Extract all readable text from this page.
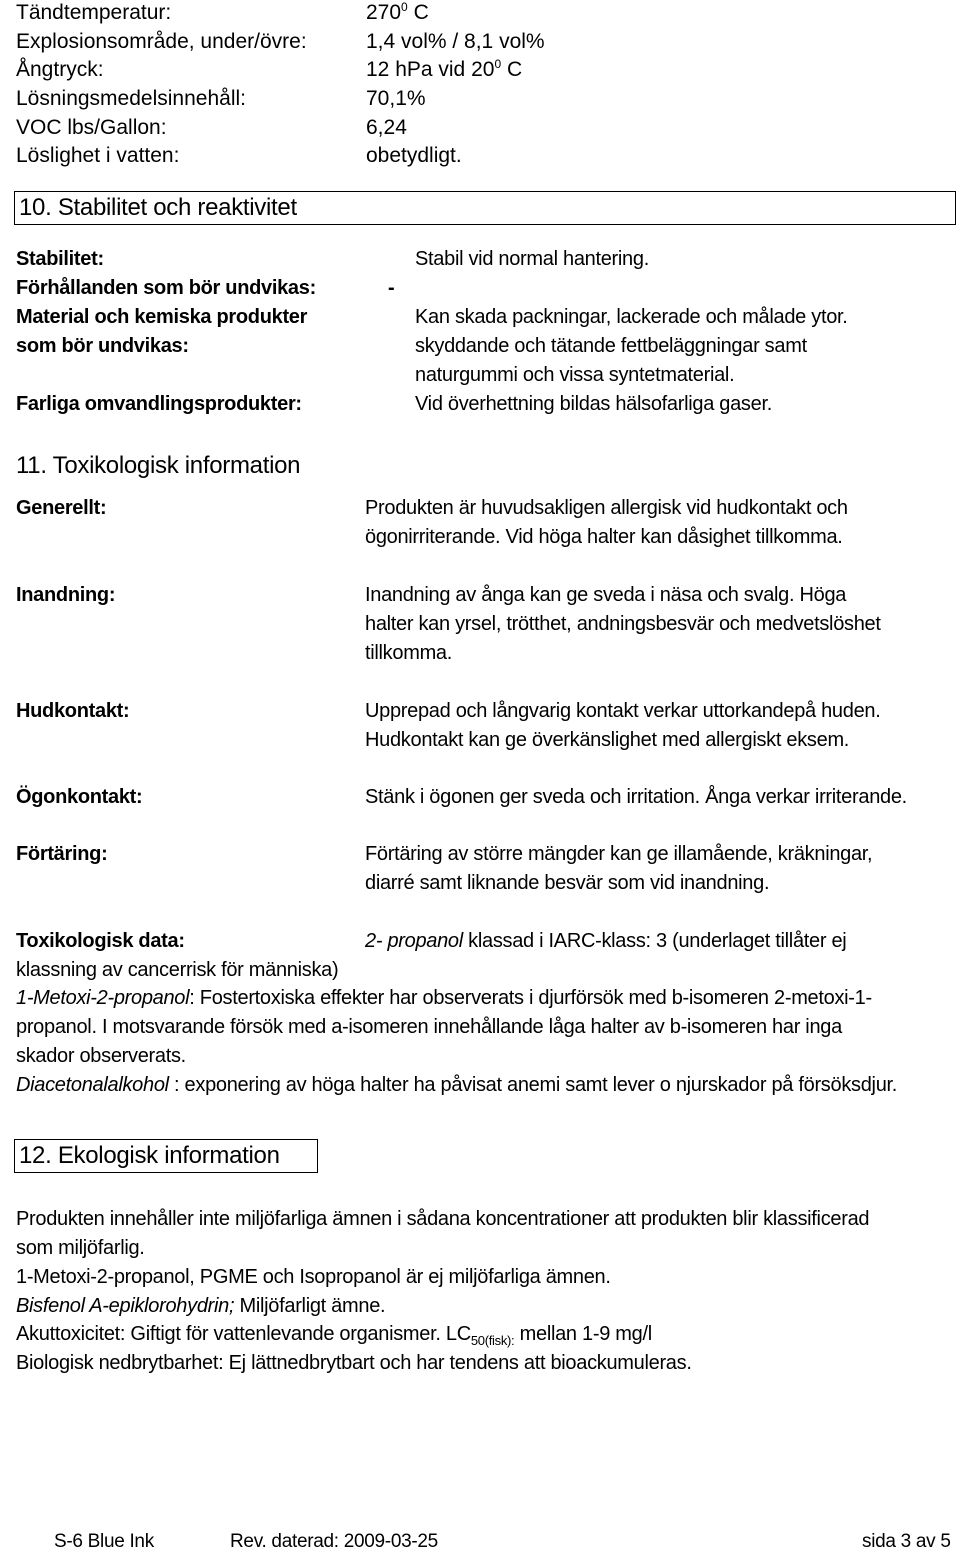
Tändtemperatur:	$270^0$ C
Explosionsområde, under/övre:	1,4 vol% / 8,1 vol%
Ångtryck:	12 hPa vid $20^0$ C
Lösningsmedelsinnehåll:	70,1%
VOC lbs/Gallon:	6,24
Löslighet i vatten:	obetydligt.
10. Stabilitet och reaktivitet
Stabilitet:	Stabil vid normal hantering.
Förhållanden som bör undvikas:	-
Material och kemiska produkter
som bör undvikas:
Kan skada packningar, lackerade och målade ytor.
skyddande och tätande fettbeläggningar samt
naturgummi och vissa syntetmaterial.
Farliga omvandlingsprodukter:	Vid överhettning bildas hälsofarliga gaser.
11. Toxikologisk information
Generellt:	Produkten är huvudsakligen allergisk vid hudkontakt och
ögonirriterande. Vid höga halter kan dåsighet tillkomma.
Inandning:	Inandning av ånga kan ge sveda i näsa och svalg. Höga
halter kan yrsel, trötthet, andningsbesvär och medvetslöshet
tillkomma.
Hudkontakt:	Upprepad och långvarig kontakt verkar uttorkandepå huden.
Hudkontakt kan ge överkänslighet med allergiskt eksem.
Ögonkontakt:	Stänk i ögonen ger sveda och irritation. Ånga verkar irriterande.
Förtäring:	Förtäring av större mängder kan ge illamående, kräkningar,
diarré samt liknande besvär som vid inandning.
Toxikologisk data:	2- propanol klassad i IARC-klass: 3 (underlaget tillåter ej
klassning av cancerrisk för människa)
1-Metoxi-2-propanol: Fostertoxiska effekter har observerats i djurförsök med b-isomeren 2-metoxi-1-
propanol. I motsvarande försök med a-isomeren innehållande låga halter av b-isomeren har inga
skador observerats.
Diacetonalalkohol : exponering av höga halter ha påvisat anemi samt lever o njurskador på försöksdjur.
12. Ekologisk information
Produkten innehåller inte miljöfarliga ämnen i sådana koncentrationer att produkten blir klassificerad
som miljöfarlig.
1-Metoxi-2-propanol, PGME och Isopropanol är ej miljöfarliga ämnen.
Bisfenol A-epiklorohydrin; Miljöfarligt ämne.
Akuttoxicitet: Giftigt för vattenlevande organismer. $LC_{50(fisk):}$ mellan 1-9 mg/l
Biologisk nedbrytbarhet: Ej lättnedbrytbart och har tendens att bioackumuleras.
S-6 Blue Ink	Rev. daterad: 2009-03-25	sida 3 av 5
